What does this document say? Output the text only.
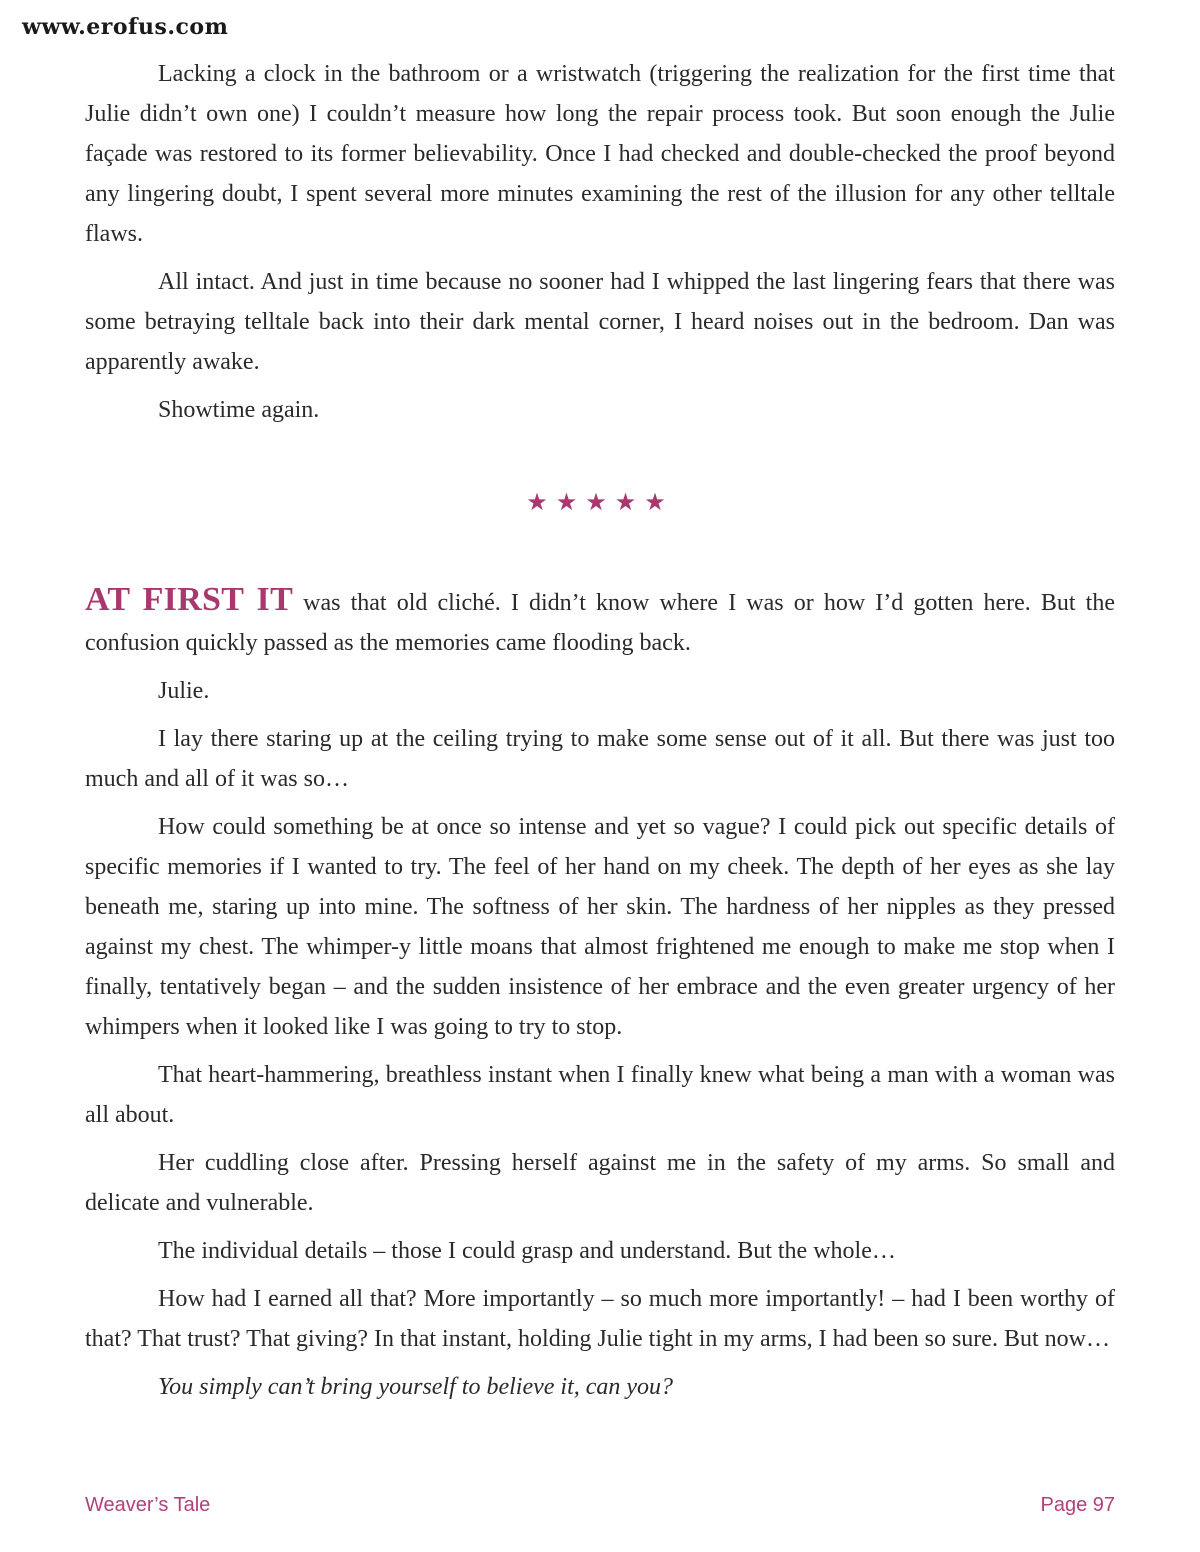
www.erofus.com

Lacking a clock in the bathroom or a wristwatch (triggering the realization for the first time that Julie didn’t own one) I couldn’t measure how long the repair process took. But soon enough the Julie façade was restored to its former believability. Once I had checked and double-checked the proof beyond any lingering doubt, I spent several more minutes examining the rest of the illusion for any other telltale flaws.

All intact. And just in time because no sooner had I whipped the last lingering fears that there was some betraying telltale back into their dark mental corner, I heard noises out in the bedroom. Dan was apparently awake.

Showtime again.

★★★★★

AT FIRST IT was that old cliché. I didn’t know where I was or how I’d gotten here. But the confusion quickly passed as the memories came flooding back.

Julie.

I lay there staring up at the ceiling trying to make some sense out of it all. But there was just too much and all of it was so…

How could something be at once so intense and yet so vague? I could pick out specific details of specific memories if I wanted to try. The feel of her hand on my cheek. The depth of her eyes as she lay beneath me, staring up into mine. The softness of her skin. The hardness of her nipples as they pressed against my chest. The whimper-y little moans that almost frightened me enough to make me stop when I finally, tentatively began – and the sudden insistence of her embrace and the even greater urgency of her whimpers when it looked like I was going to try to stop.

That heart-hammering, breathless instant when I finally knew what being a man with a woman was all about.

Her cuddling close after. Pressing herself against me in the safety of my arms. So small and delicate and vulnerable.

The individual details – those I could grasp and understand. But the whole…

How had I earned all that? More importantly – so much more importantly! – had I been worthy of that? That trust? That giving? In that instant, holding Julie tight in my arms, I had been so sure. But now…

You simply can’t bring yourself to believe it, can you?

Weaver’s Tale	Page 97
